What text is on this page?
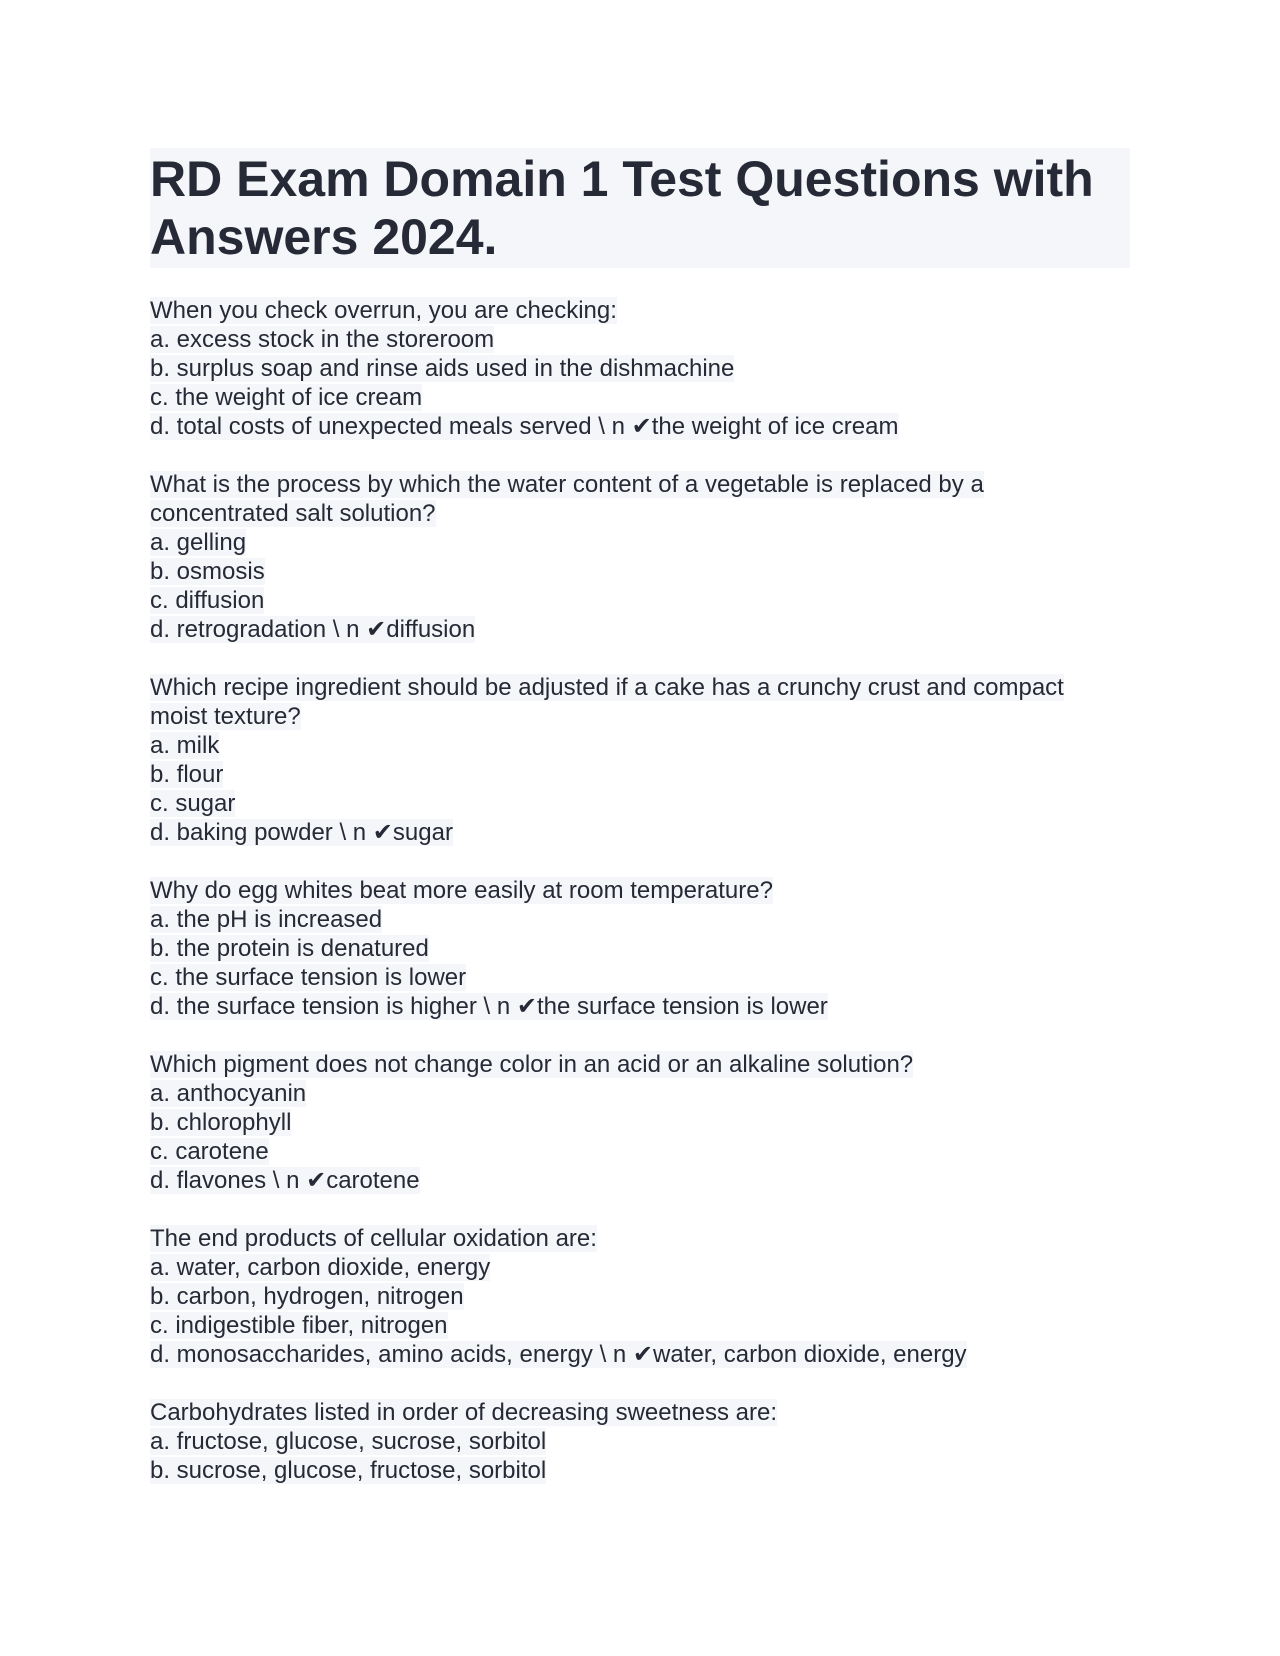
RD Exam Domain 1 Test Questions with Answers 2024.
When you check overrun, you are checking:
a. excess stock in the storeroom
b. surplus soap and rinse aids used in the dishmachine
c. the weight of ice cream
d. total costs of unexpected meals served \ n ✔the weight of ice cream
What is the process by which the water content of a vegetable is replaced by a
concentrated salt solution?
a. gelling
b. osmosis
c. diffusion
d. retrogradation \ n ✔diffusion
Which recipe ingredient should be adjusted if a cake has a crunchy crust and compact
moist texture?
a. milk
b. flour
c. sugar
d. baking powder \ n ✔sugar
Why do egg whites beat more easily at room temperature?
a. the pH is increased
b. the protein is denatured
c. the surface tension is lower
d. the surface tension is higher \ n ✔the surface tension is lower
Which pigment does not change color in an acid or an alkaline solution?
a. anthocyanin
b. chlorophyll
c. carotene
d. flavones \ n ✔carotene
The end products of cellular oxidation are:
a. water, carbon dioxide, energy
b. carbon, hydrogen, nitrogen
c. indigestible fiber, nitrogen
d. monosaccharides, amino acids, energy \ n ✔water, carbon dioxide, energy
Carbohydrates listed in order of decreasing sweetness are:
a. fructose, glucose, sucrose, sorbitol
b. sucrose, glucose, fructose, sorbitol
